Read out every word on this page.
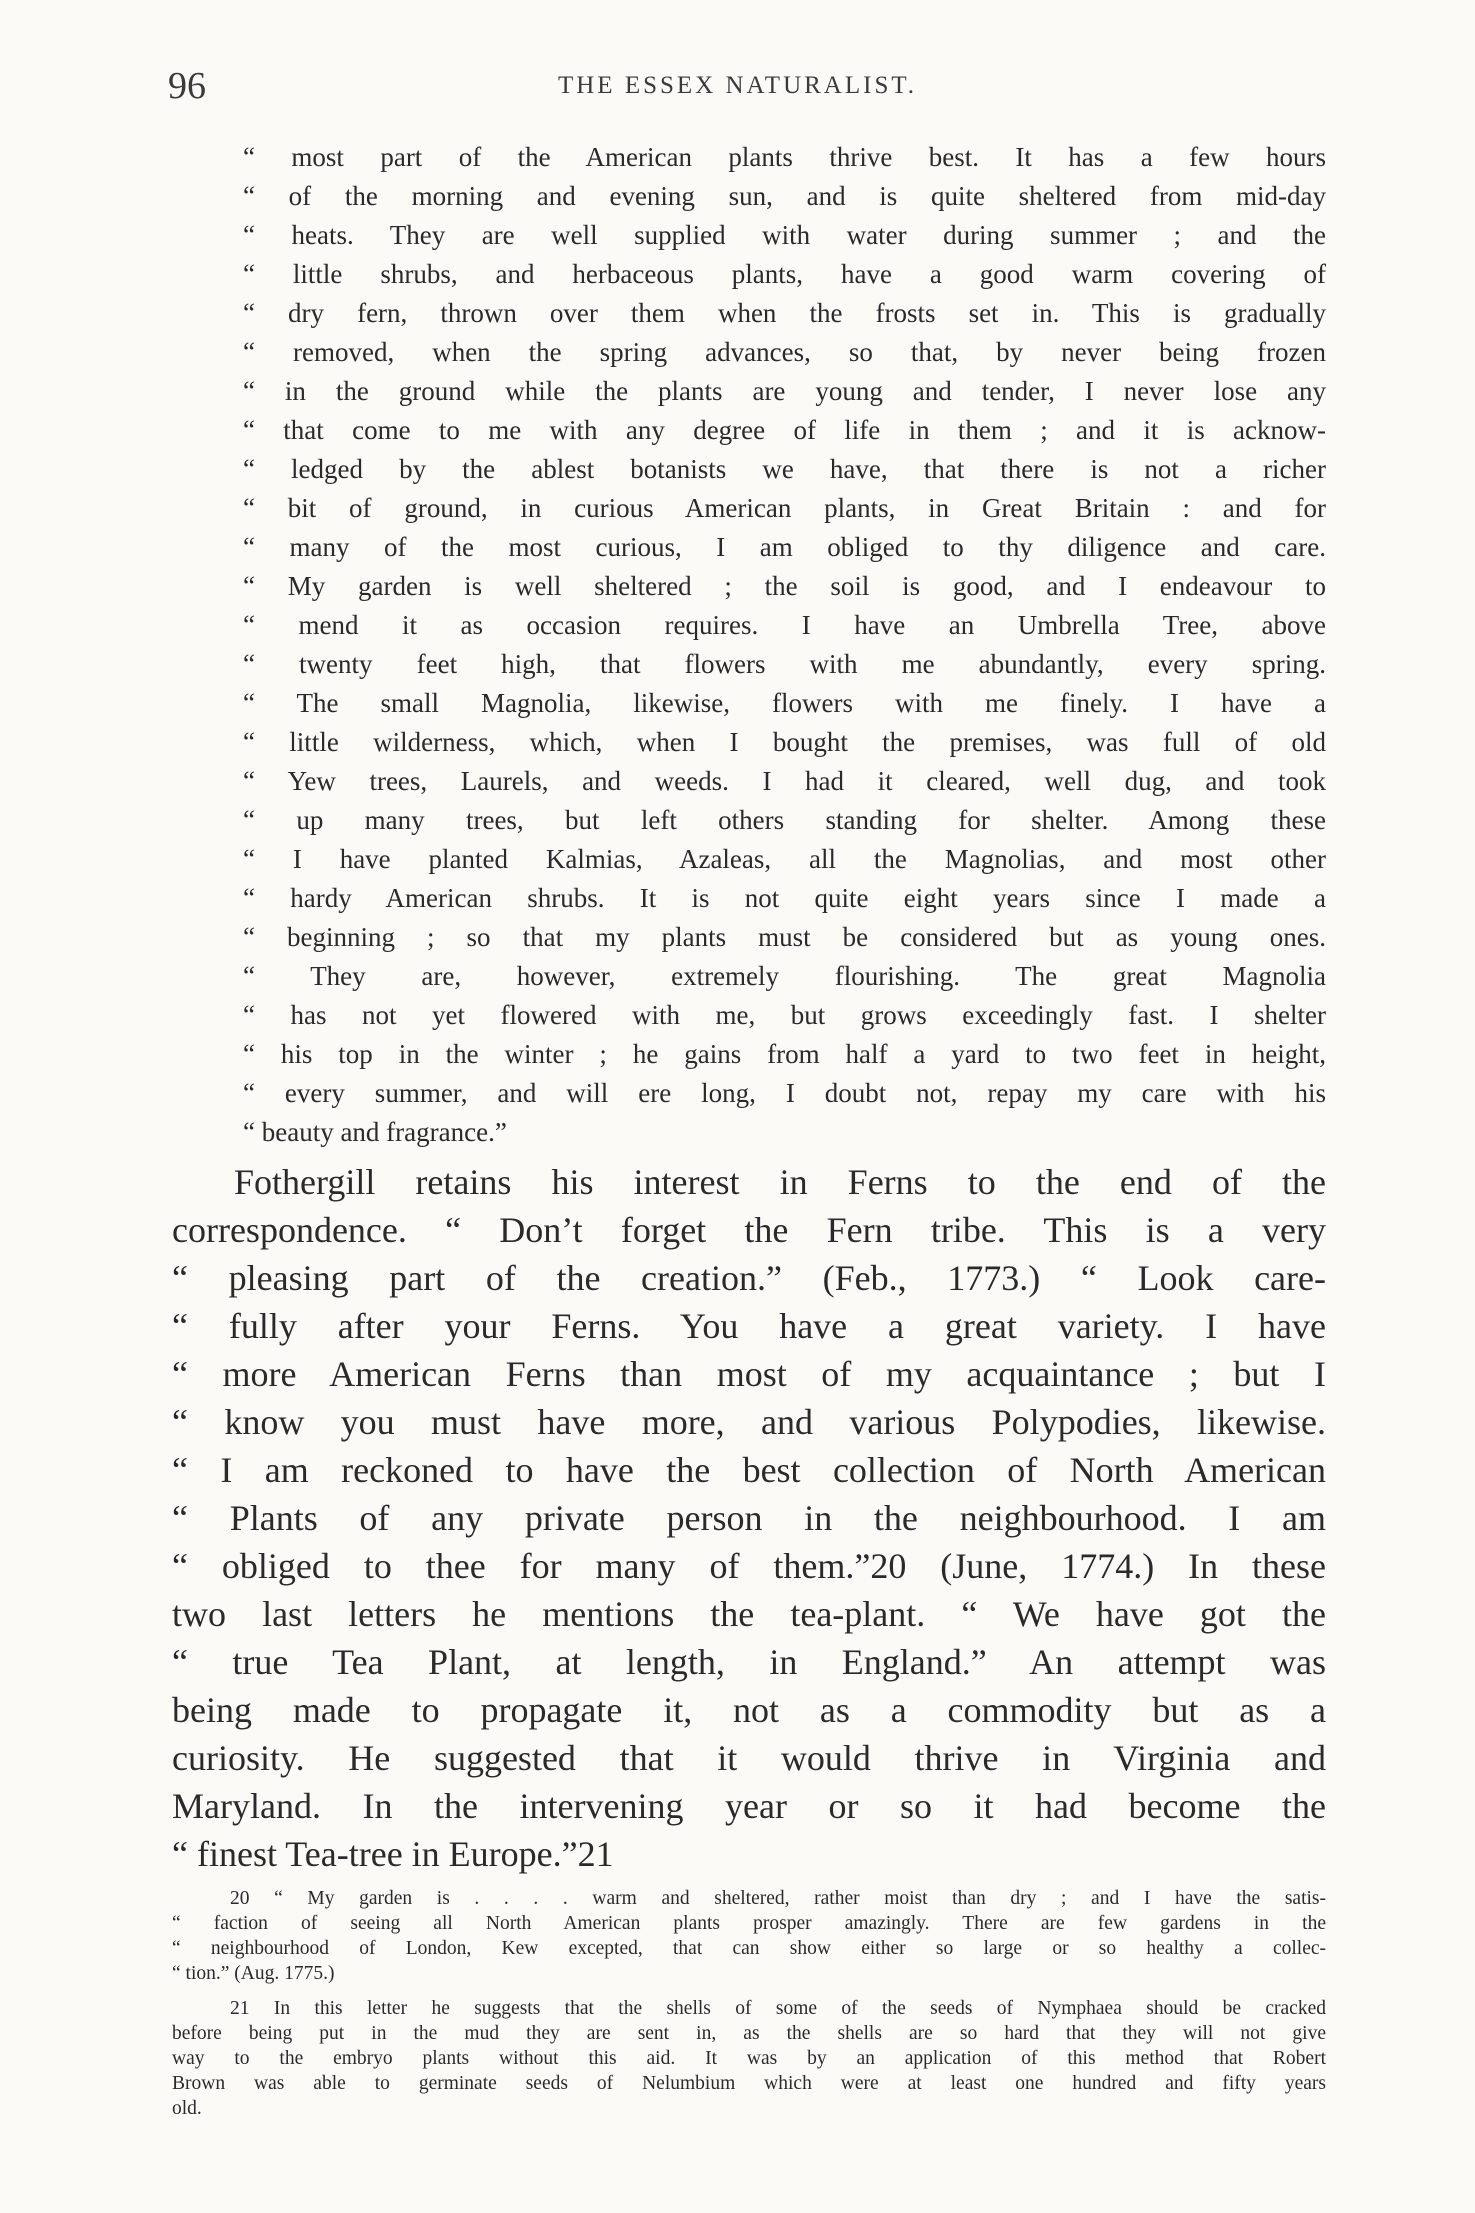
96	THE ESSEX NATURALIST.
“ most part of the American plants thrive best. It has a few hours
“ of the morning and evening sun, and is quite sheltered from mid-day
“ heats. They are well supplied with water during summer ; and the
“ little shrubs, and herbaceous plants, have a good warm covering of
“ dry fern, thrown over them when the frosts set in. This is gradually
“ removed, when the spring advances, so that, by never being frozen
“ in the ground while the plants are young and tender, I never lose any
“ that come to me with any degree of life in them ; and it is acknow-
“ ledged by the ablest botanists we have, that there is not a richer
“ bit of ground, in curious American plants, in Great Britain : and for
“ many of the most curious, I am obliged to thy diligence and care.
“ My garden is well sheltered ; the soil is good, and I endeavour to
“ mend it as occasion requires. I have an Umbrella Tree, above
“ twenty feet high, that flowers with me abundantly, every spring.
“ The small Magnolia, likewise, flowers with me finely. I have a
“ little wilderness, which, when I bought the premises, was full of old
“ Yew trees, Laurels, and weeds. I had it cleared, well dug, and took
“ up many trees, but left others standing for shelter. Among these
“ I have planted Kalmias, Azaleas, all the Magnolias, and most other
“ hardy American shrubs. It is not quite eight years since I made a
“ beginning ; so that my plants must be considered but as young ones.
“ They are, however, extremely flourishing. The great Magnolia
“ has not yet flowered with me, but grows exceedingly fast. I shelter
“ his top in the winter ; he gains from half a yard to two feet in height,
“ every summer, and will ere long, I doubt not, repay my care with his
“ beauty and fragrance.”
Fothergill retains his interest in Ferns to the end of the
correspondence. “ Don’t forget the Fern tribe. This is a very
“ pleasing part of the creation.” (Feb., 1773.) “ Look care-
“ fully after your Ferns. You have a great variety. I have
“ more American Ferns than most of my acquaintance ; but I
“ know you must have more, and various Polypodies, likewise.
“ I am reckoned to have the best collection of North American
“ Plants of any private person in the neighbourhood. I am
“ obliged to thee for many of them.”20 (June, 1774.) In these
two last letters he mentions the tea-plant. “ We have got the
“ true Tea Plant, at length, in England.” An attempt was
being made to propagate it, not as a commodity but as a
curiosity. He suggested that it would thrive in Virginia and
Maryland. In the intervening year or so it had become the
“ finest Tea-tree in Europe.”21
20 “ My garden is . . . . warm and sheltered, rather moist than dry ; and I have the satis-
“ faction of seeing all North American plants prosper amazingly. There are few gardens in the
“ neighbourhood of London, Kew excepted, that can show either so large or so healthy a collec-
“ tion.” (Aug. 1775.)
21 In this letter he suggests that the shells of some of the seeds of Nymphaea should be cracked
before being put in the mud they are sent in, as the shells are so hard that they will not give
way to the embryo plants without this aid. It was by an application of this method that Robert
Brown was able to germinate seeds of Nelumbium which were at least one hundred and fifty years
old.
